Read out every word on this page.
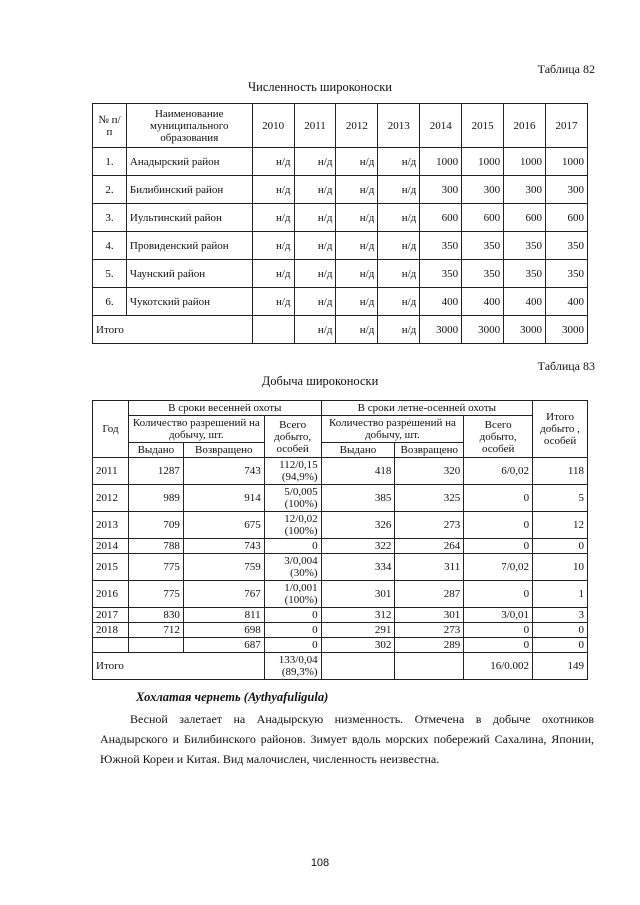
Таблица 82
Численность широконоски
№ п/п	Наименование муниципального образования	2010	2011	2012	2013	2014	2015	2016	2017
1.	Анадырский район	н/д	н/д	н/д	н/д	1000	1000	1000	1000
2.	Билибинский район	н/д	н/д	н/д	н/д	300	300	300	300
3.	Иультинский район	н/д	н/д	н/д	н/д	600	600	600	600
4.	Провиденский район	н/д	н/д	н/д	н/д	350	350	350	350
5.	Чаунский район	н/д	н/д	н/д	н/д	350	350	350	350
6.	Чукотский район	н/д	н/д	н/д	н/д	400	400	400	400
Итого			н/д	н/д	н/д	3000	3000	3000	3000
Таблица 83
Добыча широконоски
Год	В сроки весенней охоты			В сроки летне-осенней охоты			Итого добыто , особей
	Количество разрешений на добычу, шт.		Всего добыто, особей	Количество разрешений на добычу, шт.		Всего добыто, особей	
	Выдано	Возвращено		Выдано	Возвращено		
2011	1287	743	112/0,15 (94,9%)	418	320	6/0,02	118
2012	989	914	5/0,005 (100%)	385	325	0	5
2013	709	675	12/0,02 (100%)	326	273	0	12
2014	788	743	0	322	264	0	0
2015	775	759	3/0,004 (30%)	334	311	7/0,02	10
2016	775	767	1/0,001 (100%)	301	287	0	1
2017	830	811	0	312	301	3/0,01	3
2018	712	698	0	291	273	0	0
		687	0	302	289	0	0
Итого			133/0,04 (89,3%)			16/0.002	149
Хохлатая чернеть (Aythyafuligula)
Весной залетает на Анадырскую низменность. Отмечена в добыче охотников Анадырского и Билибинского районов. Зимует вдоль морских побережий Сахалина, Японии, Южной Кореи и Китая. Вид малочислен, численность неизвестна.
108
